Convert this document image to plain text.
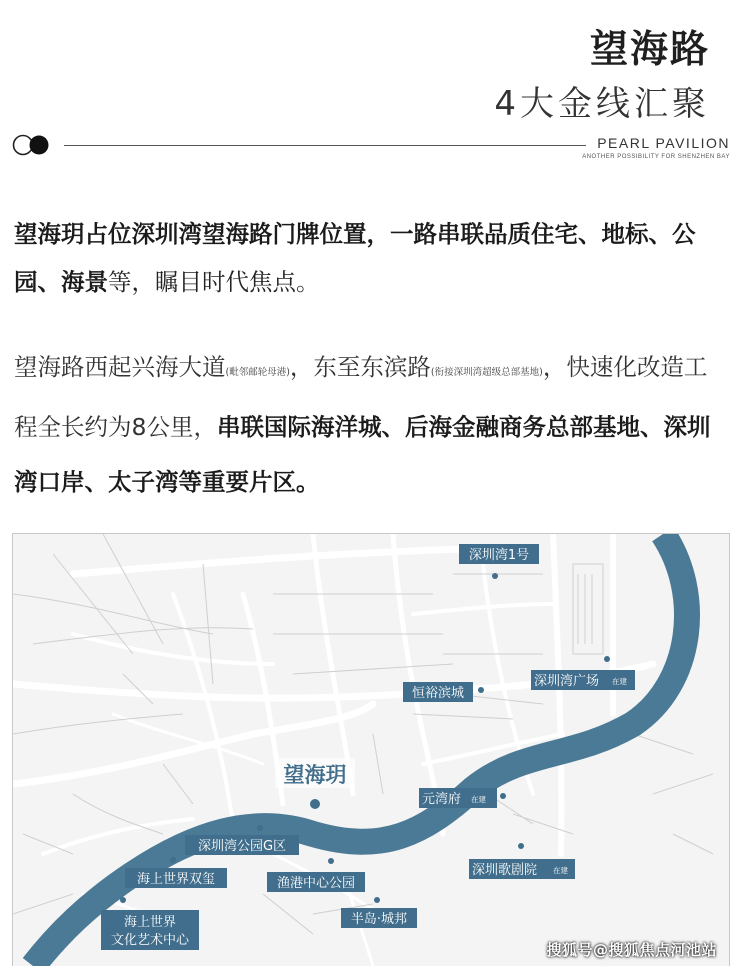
望海路
4大金线汇聚
PEARL PAVILION
ANOTHER POSSIBILITY FOR SHENZHEN BAY

望海玥占位深圳湾望海路门牌位置，一路串联品质住宅、地标、公园、海景等，瞩目时代焦点。

望海路西起兴海大道(毗邻邮轮母港)，东至东滨路(衔接深圳湾超级总部基地)，快速化改造工程全长约为8公里，串联国际海洋城、后海金融商务总部基地、深圳湾口岸、太子湾等重要片区。

深圳湾1号
恒裕滨城
深圳湾广场 在建
望海玥
元湾府 在建
深圳歌剧院 在建
深圳湾公园G区
海上世界双玺	渔港中心公园
半岛·城邦
海上世界
文化艺术中心
搜狐号@搜狐焦点河池站
